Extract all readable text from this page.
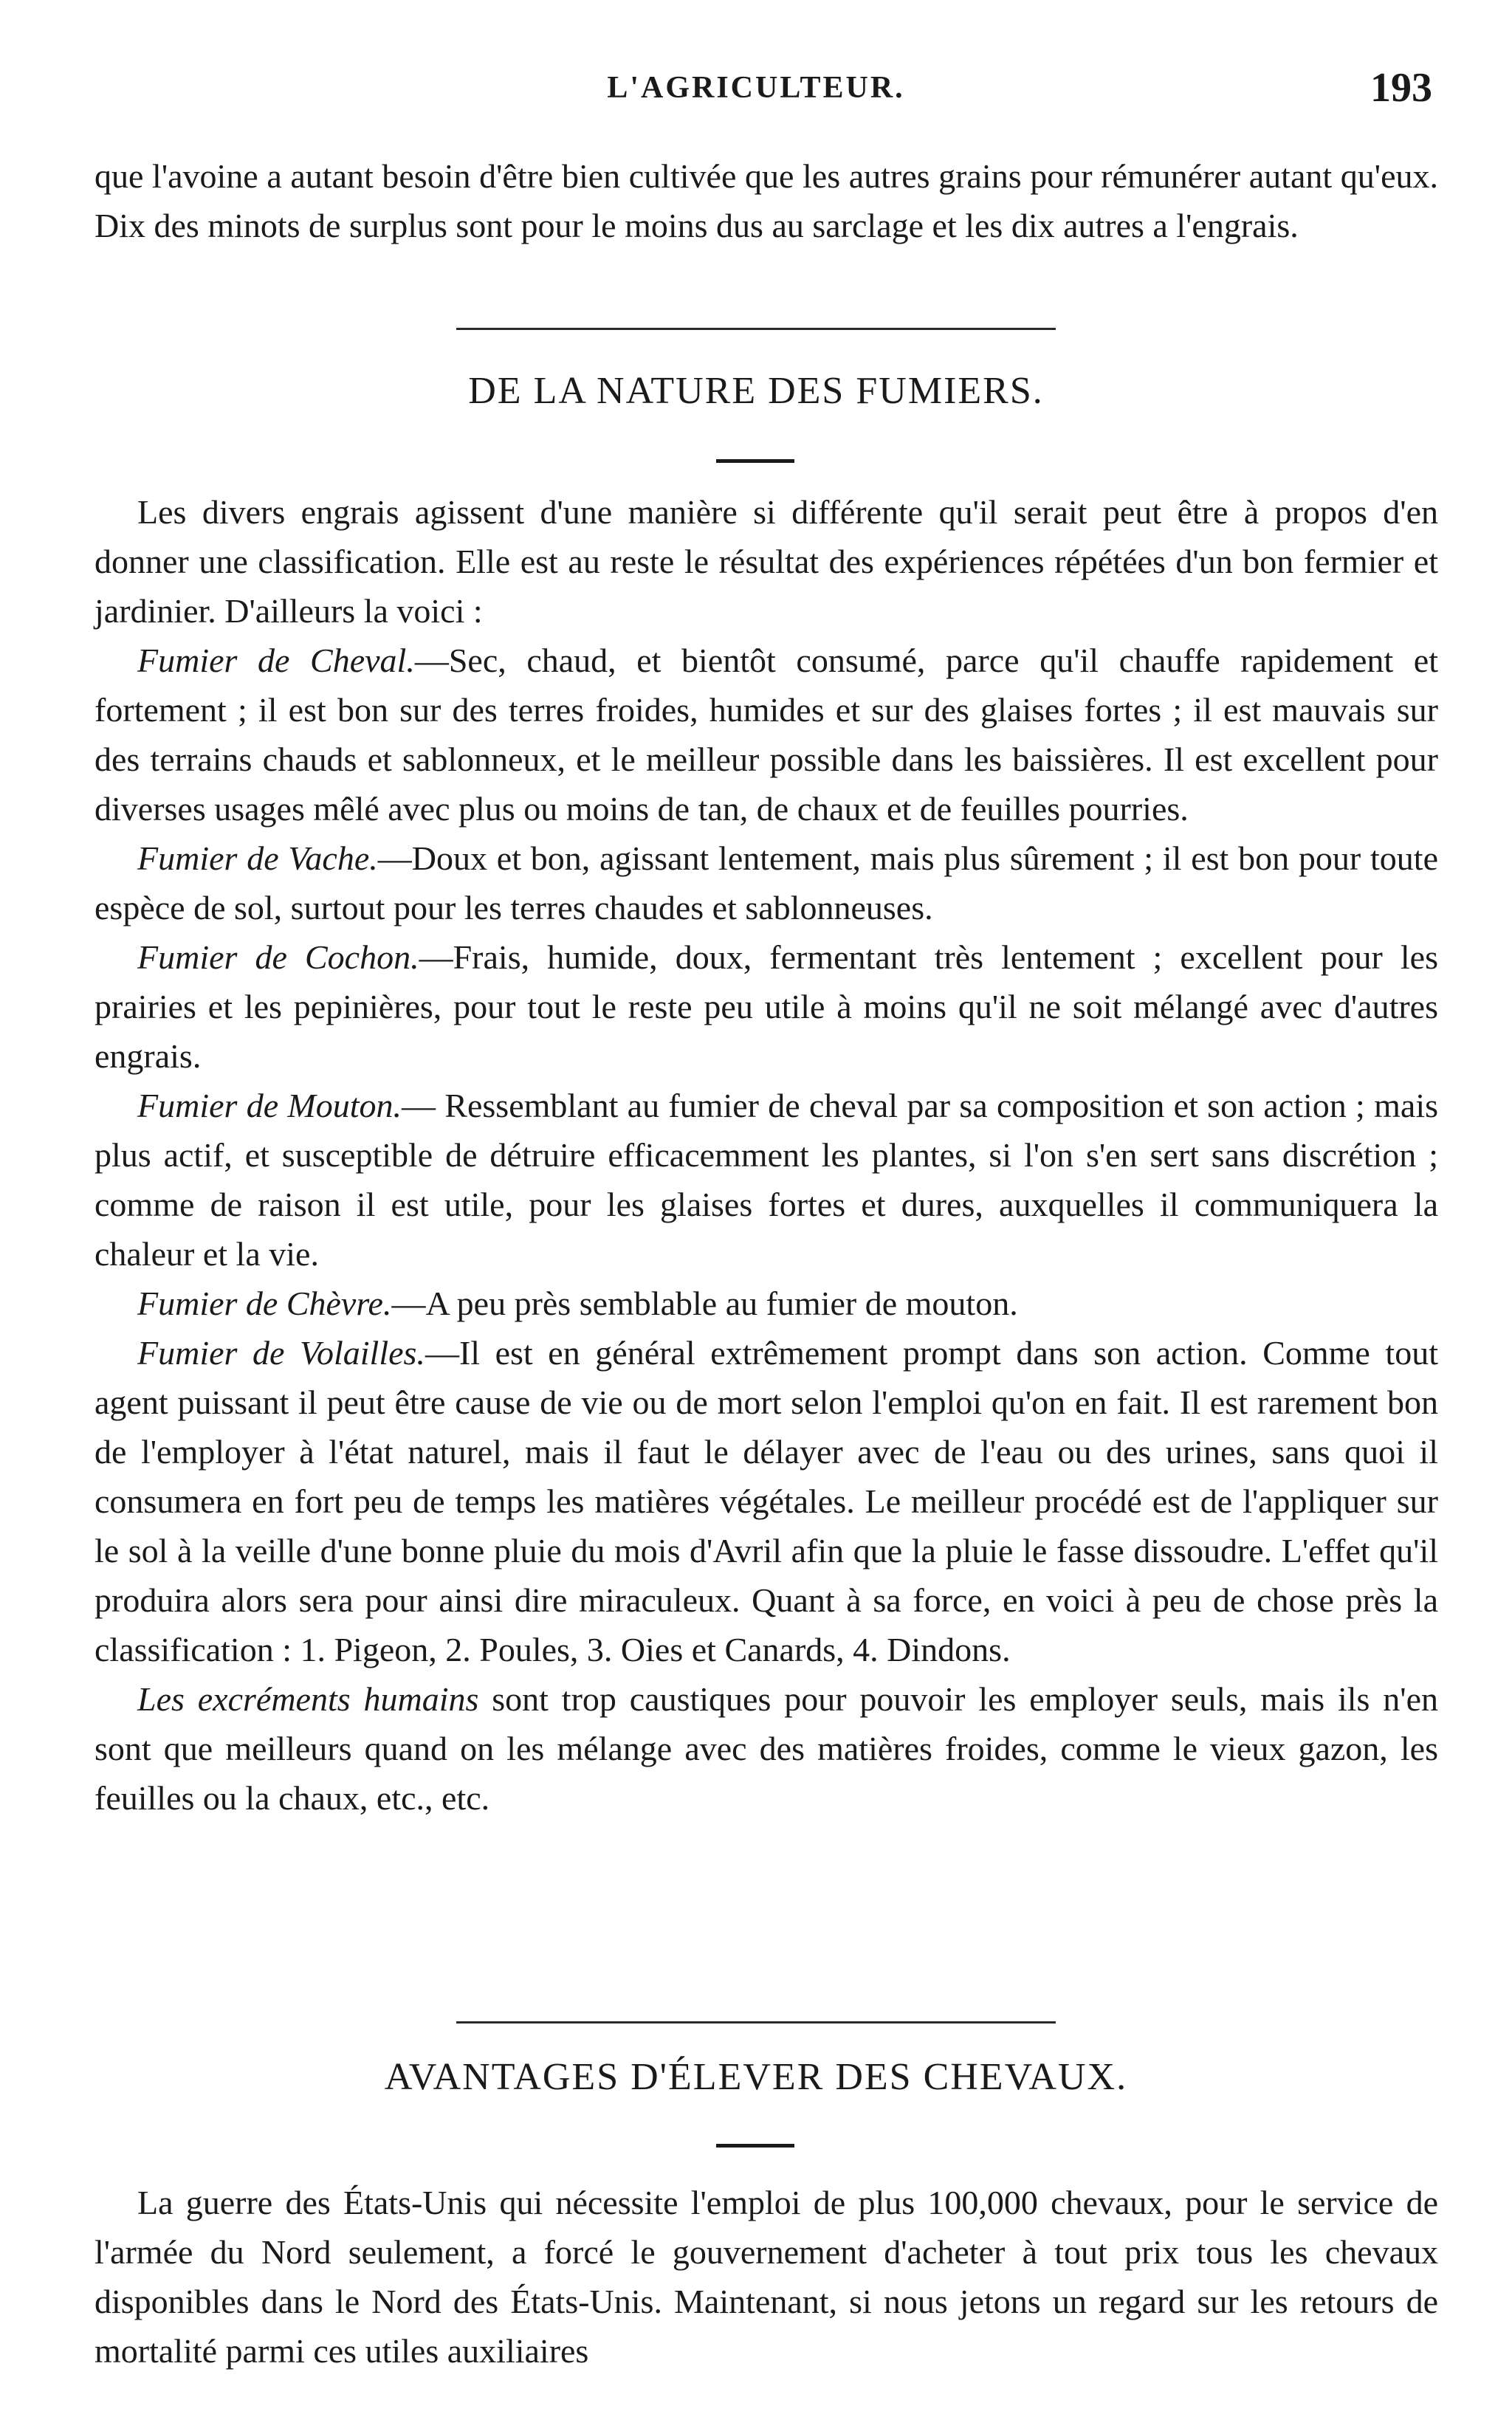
L'AGRICULTEUR.	193

que l'avoine a autant besoin d'être bien cultivée que les autres grains pour rémunérer autant qu'eux. Dix des minots de surplus sont pour le moins dus au sarclage et les dix autres a l'engrais.

DE LA NATURE DES FUMIERS.

Les divers engrais agissent d'une manière si différente qu'il serait peut être à propos d'en donner une classification. Elle est au reste le résultat des expériences répétées d'un bon fermier et jardinier. D'ailleurs la voici :

Fumier de Cheval.—Sec, chaud, et bientôt consumé, parce qu'il chauffe rapidement et fortement ; il est bon sur des terres froides, humides et sur des glaises fortes ; il est mauvais sur des terrains chauds et sablonneux, et le meilleur possible dans les baissières. Il est excellent pour diverses usages mêlé avec plus ou moins de tan, de chaux et de feuilles pourries.

Fumier de Vache.—Doux et bon, agissant lentement, mais plus sûrement ; il est bon pour toute espèce de sol, surtout pour les terres chaudes et sablonneuses.

Fumier de Cochon.—Frais, humide, doux, fermentant très lentement ; excellent pour les prairies et les pepinières, pour tout le reste peu utile à moins qu'il ne soit mélangé avec d'autres engrais.

Fumier de Mouton.— Ressemblant au fumier de cheval par sa composition et son action ; mais plus actif, et susceptible de détruire efficacemment les plantes, si l'on s'en sert sans discrétion ; comme de raison il est utile, pour les glaises fortes et dures, auxquelles il communiquera la chaleur et la vie.

Fumier de Chèvre.—A peu près semblable au fumier de mouton.

Fumier de Volailles.—Il est en général extrêmement prompt dans son action. Comme tout agent puissant il peut être cause de vie ou de mort selon l'emploi qu'on en fait. Il est rarement bon de l'employer à l'état naturel, mais il faut le délayer avec de l'eau ou des urines, sans quoi il consumera en fort peu de temps les matières végétales. Le meilleur procédé est de l'appliquer sur le sol à la veille d'une bonne pluie du mois d'Avril afin que la pluie le fasse dissoudre. L'effet qu'il produira alors sera pour ainsi dire miraculeux. Quant à sa force, en voici à peu de chose près la classification : 1. Pigeon, 2. Poules, 3. Oies et Canards, 4. Dindons.

Les excréments humains sont trop caustiques pour pouvoir les employer seuls, mais ils n'en sont que meilleurs quand on les mélange avec des matières froides, comme le vieux gazon, les feuilles ou la chaux, etc., etc.

AVANTAGES D'ÉLEVER DES CHEVAUX.

La guerre des États-Unis qui nécessite l'emploi de plus 100,000 chevaux, pour le service de l'armée du Nord seulement, a forcé le gouvernement d'acheter à tout prix tous les chevaux disponibles dans le Nord des États-Unis. Maintenant, si nous jetons un regard sur les retours de mortalité parmi ces utiles auxiliaires
